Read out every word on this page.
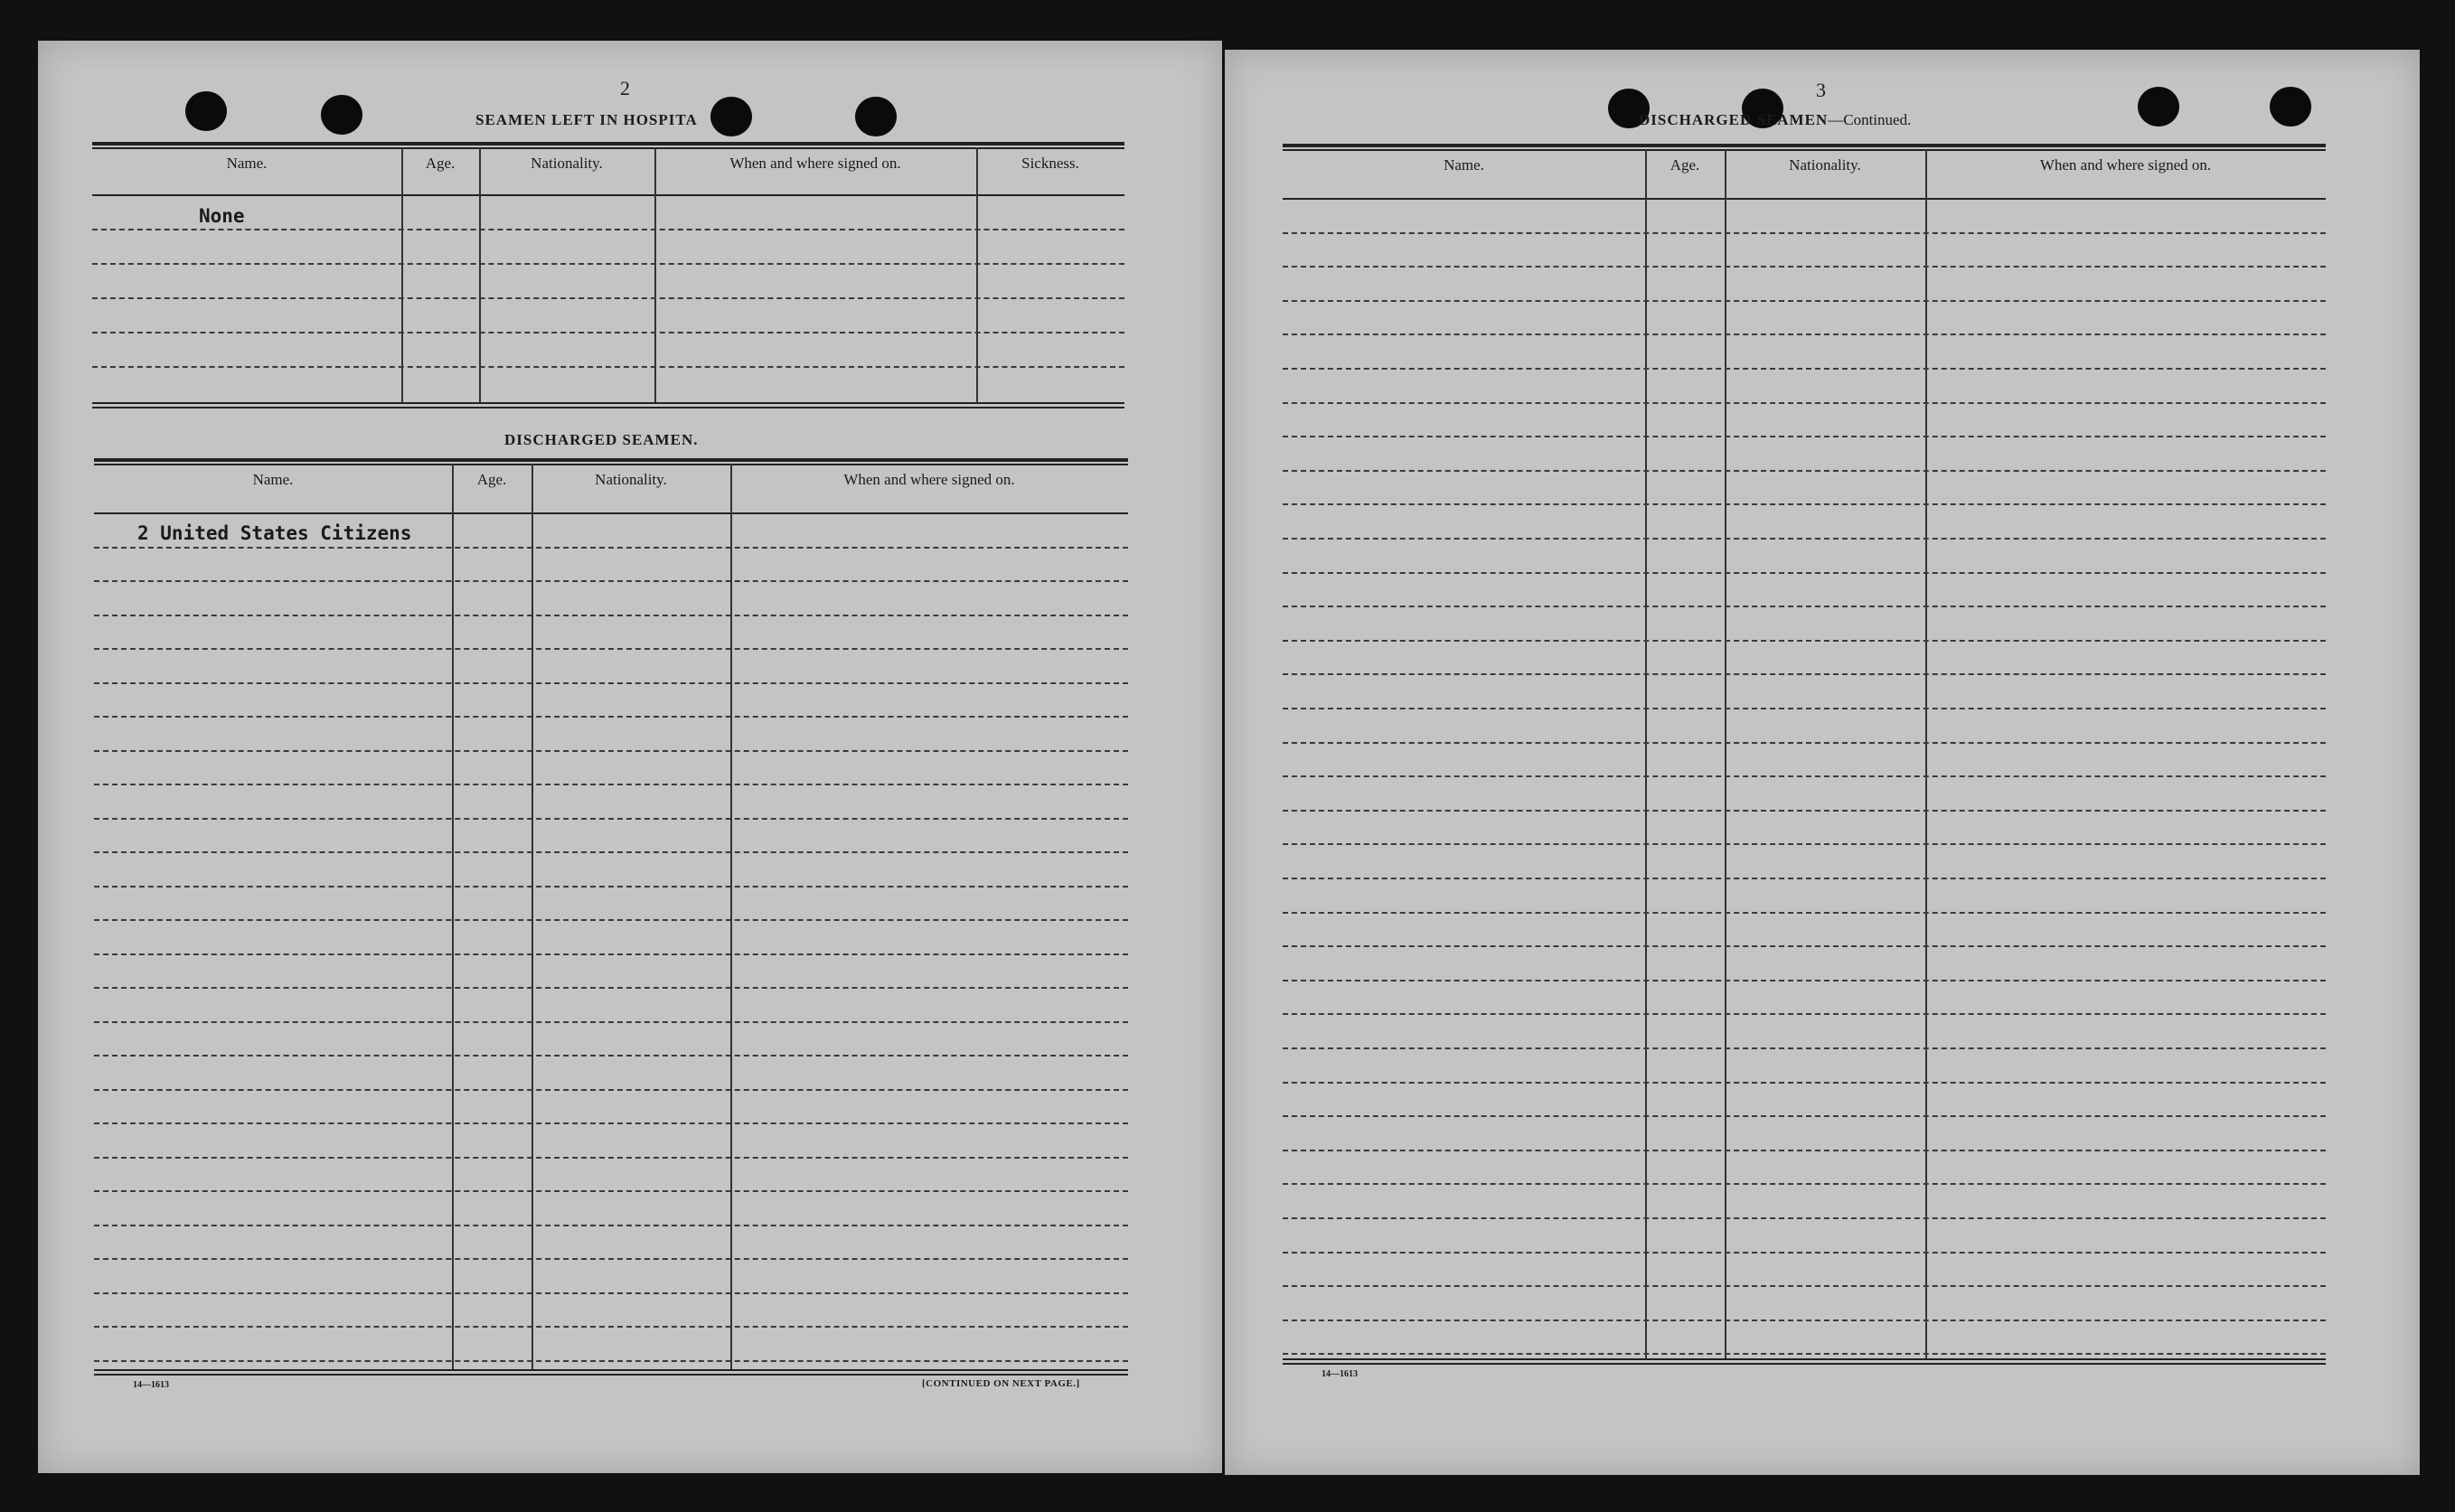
2
SEAMEN LEFT IN HOSPITA
Name.	Age.	Nationality.	When and where signed on.	Sickness.
None
DISCHARGED SEAMEN.
Name.	Age.	Nationality.	When and where signed on.
2 United States Citizens
14—1613	[CONTINUED ON NEXT PAGE.]
3
DISCHARGED SEAMEN—Continued.
Name.	Age.	Nationality.	When and where signed on.
14—1613
